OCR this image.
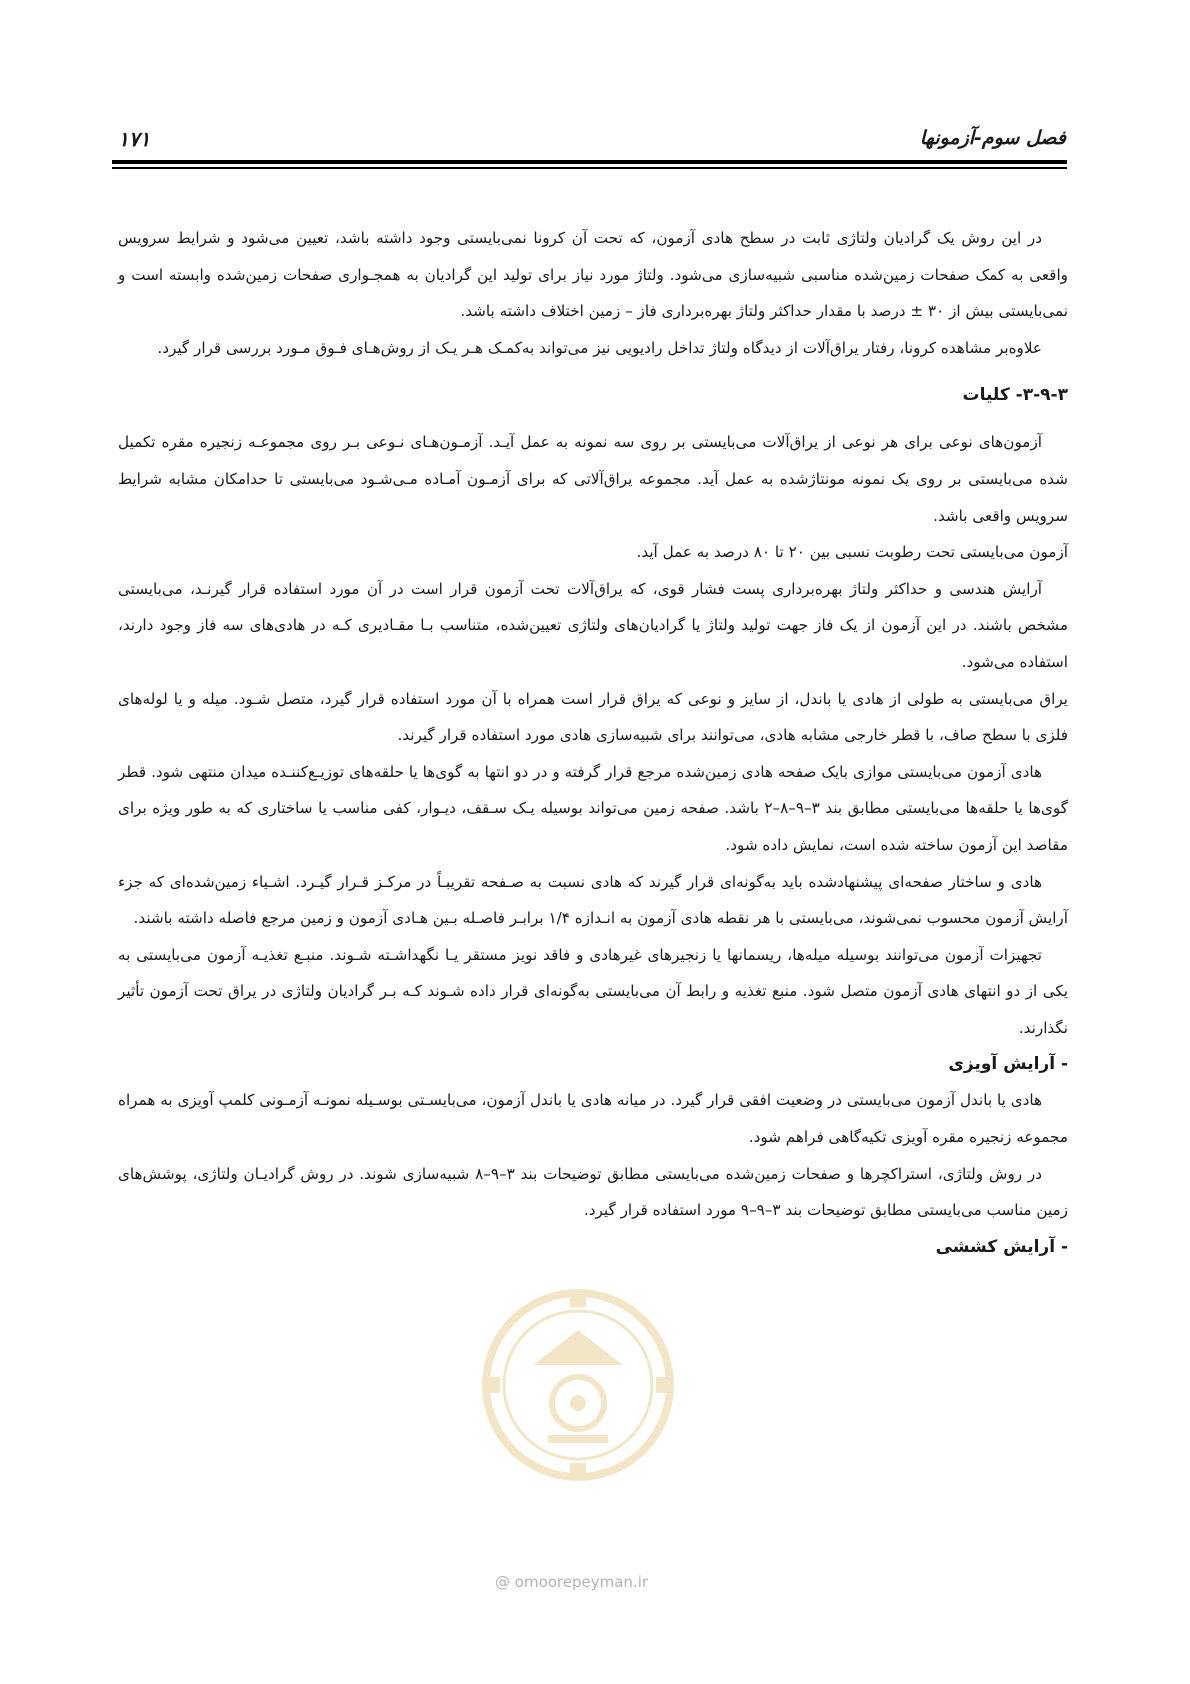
فصل سوم-آزمونها
۱۷۱

در این روش یک گرادیان ولتاژی ثابت در سطح هادی آزمون، که تحت آن کرونا نمی‌بایستی وجود داشته باشد، تعیین می‌شود و شرایط سرویس واقعی به کمک صفحات زمین‌شده مناسبی شبیه‌سازی می‌شود. ولتاژ مورد نیاز برای تولید این گرادیان به همجـواری صفحات زمین‌شده وابسته است و نمی‌بایستی بیش از ۳۰ ± درصد با مقدار حداکثر ولتاژ بهره‌برداری فاز – زمین اختلاف داشته باشد.

علاوه‌بر مشاهده کرونا، رفتار یراق‌آلات از دیدگاه ولتاژ تداخل رادیویی نیز می‌تواند به‌کمـک هـر یـک از روش‌هـای فـوق مـورد بررسی قرار گیرد.

۳-۹-۳- کلیات

آزمون‌های نوعی برای هر نوعی از یراق‌آلات می‌بایستی بر روی سه نمونه به عمل آیـد. آزمـون‌هـای نـوعی بـر روی مجموعـه زنجیره مقره تکمیل شده می‌بایستی بر روی یک نمونه مونتاژشده به عمل آید. مجموعه یراق‌آلاتی که برای آزمـون آمـاده مـی‌شـود می‌بایستی تا حدامکان مشابه شرایط سرویس واقعی باشد.

آزمون می‌بایستی تحت رطوبت نسبی بین ۲۰ تا ۸۰ درصد به عمل آید.

آرایش هندسی و حداکثر ولتاژ بهره‌برداری پست فشار قوی، که یراق‌آلات تحت آزمون قرار است در آن مورد استفاده قرار گیرنـد، می‌بایستی مشخص باشند. در این آزمون از یک فاز جهت تولید ولتاژ یا گرادیان‌های ولتاژی تعیین‌شده، متناسب بـا مقـادیری کـه در هادی‌های سه فاز وجود دارند، استفاده می‌شود.

یراق می‌بایستی به طولی از هادی یا باندل، از سایز و نوعی که یراق قرار است همراه با آن مورد استفاده قرار گیرد، متصل شـود. میله و یا لوله‌های فلزی با سطح صاف، با قطر خارجی مشابه هادی، می‌توانند برای شبیه‌سازی هادی مورد استفاده قرار گیرند.

هادی آزمون می‌بایستی موازی بایک صفحه هادی زمین‌شده مرجع قرار گرفته و در دو انتها به گوی‌ها یا حلقه‌های توزیـع‌کننـده میدان منتهی شود. قطر گوی‌ها یا حلقه‌ها می‌بایستی مطابق بند ۳–۹–۸–۲ باشد. صفحه زمین می‌تواند بوسیله یـک سـقف، دیـوار، کفی مناسب یا ساختاری که به طور ویژه برای مقاصد این آزمون ساخته شده است، نمایش داده شود.

هادی و ساختار صفحه‌ای پیشنهادشده باید به‌گونه‌ای قرار گیرند که هادی نسبت به صـفحه تقریبـاً در مرکـز قـرار گیـرد. اشـیاء زمین‌شده‌ای که جزء آرایش آزمون محسوب نمی‌شوند، می‌بایستی با هر نقطه هادی آزمون به انـدازه ۱/۴ برابـر فاصـله بـین هـادی آزمون و زمین مرجع فاصله داشته باشند.

تجهیزات آزمون می‌توانند بوسیله میله‌ها، ریسمانها یا زنجیرهای غیرهادی و فاقد نویز مستقر یـا نگهداشـته شـوند. منبـع تغذیـه آزمون می‌بایستی به یکی از دو انتهای هادی آزمون متصل شود. منبع تغذیه و رابط آن می‌بایستی به‌گونه‌ای قرار داده شـوند کـه بـر گرادیان ولتاژی در یراق تحت آزمون تأثیر نگذارند.

- آرایش آویزی

هادی یا باندل آزمون می‌بایستی در وضعیت افقی قرار گیرد. در میانه هادی یا باندل آزمون، می‌بایسـتی بوسـیله نمونـه آزمـونی کلمپ آویزی به همراه مجموعه زنجیره مقره آویزی تکیه‌گاهی فراهم شود.

در روش ولتاژی، استراکچرها و صفحات زمین‌شده می‌بایستی مطابق توضیحات بند ۳–۹–۸ شبیه‌سازی شوند. در روش گرادیـان ولتاژی، پوشش‌های زمین مناسب می‌بایستی مطابق توضیحات بند ۳–۹–۹ مورد استفاده قرار گیرد.

- آرایش کششی
@ omoorepeyman.ir
